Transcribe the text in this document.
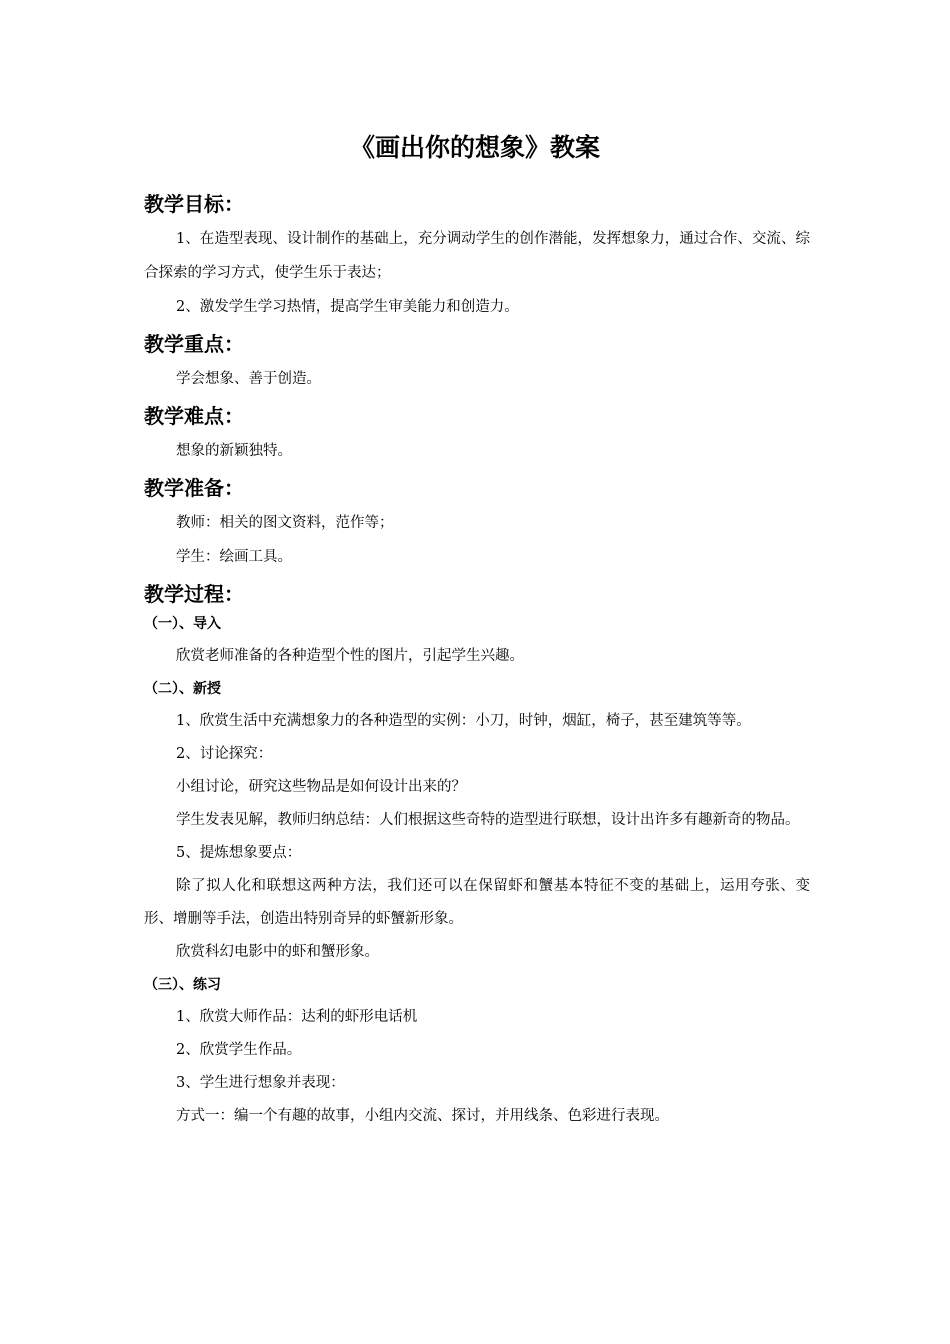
《画出你的想象》教案
教学目标：

1、在造型表现、设计制作的基础上，充分调动学生的创作潜能，发挥想象力，通过合作、交流、综合探索的学习方式，使学生乐于表达；

2、激发学生学习热情，提高学生审美能力和创造力。

教学重点：

学会想象、善于创造。

教学难点：

想象的新颖独特。

教学准备：

教师：相关的图文资料，范作等；

学生：绘画工具。

教学过程：
（一）、导入

欣赏老师准备的各种造型个性的图片，引起学生兴趣。

（二）、新授

1、欣赏生活中充满想象力的各种造型的实例：小刀，时钟，烟缸，椅子，甚至建筑等等。

2、讨论探究：

小组讨论，研究这些物品是如何设计出来的？

学生发表见解，教师归纳总结：人们根据这些奇特的造型进行联想，设计出许多有趣新奇的物品。

5、提炼想象要点：

除了拟人化和联想这两种方法，我们还可以在保留虾和蟹基本特征不变的基础上，运用夸张、变形、增删等手法，创造出特别奇异的虾蟹新形象。

欣赏科幻电影中的虾和蟹形象。

（三）、练习

1、欣赏大师作品：达利的虾形电话机

2、欣赏学生作品。

3、学生进行想象并表现：

方式一：编一个有趣的故事，小组内交流、探讨，并用线条、色彩进行表现。
